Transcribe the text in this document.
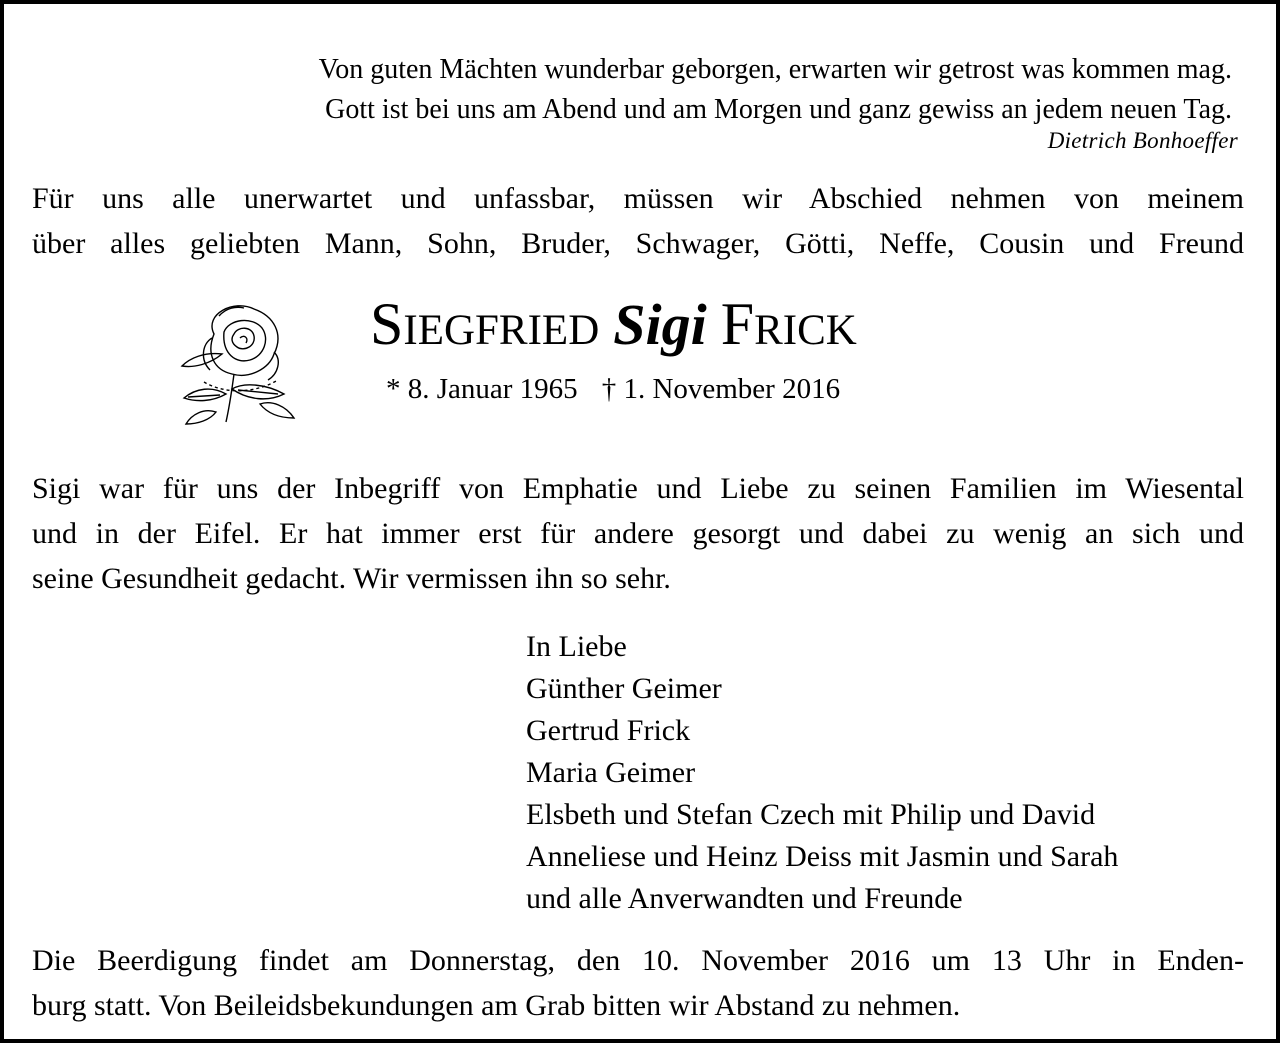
Von guten Mächten wunderbar geborgen, erwarten wir getrost was kommen mag.
Gott ist bei uns am Abend und am Morgen und ganz gewiss an jedem neuen Tag.
Dietrich Bonhoeffer
Für uns alle unerwartet und unfassbar, müssen wir Abschied nehmen von meinem
über alles geliebten Mann, Sohn, Bruder, Schwager, Götti, Neffe, Cousin und Freund
SIEGFRIED Sigi FRICK
* 8. Januar 1965 † 1. November 2016
Sigi war für uns der Inbegriff von Emphatie und Liebe zu seinen Familien im Wiesental
und in der Eifel. Er hat immer erst für andere gesorgt und dabei zu wenig an sich und
seine Gesundheit gedacht. Wir vermissen ihn so sehr.
In Liebe
Günther Geimer
Gertrud Frick
Maria Geimer
Elsbeth und Stefan Czech mit Philip und David
Anneliese und Heinz Deiss mit Jasmin und Sarah
und alle Anverwandten und Freunde
Die Beerdigung findet am Donnerstag, den 10. November 2016 um 13 Uhr in Enden-
burg statt. Von Beileidsbekundungen am Grab bitten wir Abstand zu nehmen.
